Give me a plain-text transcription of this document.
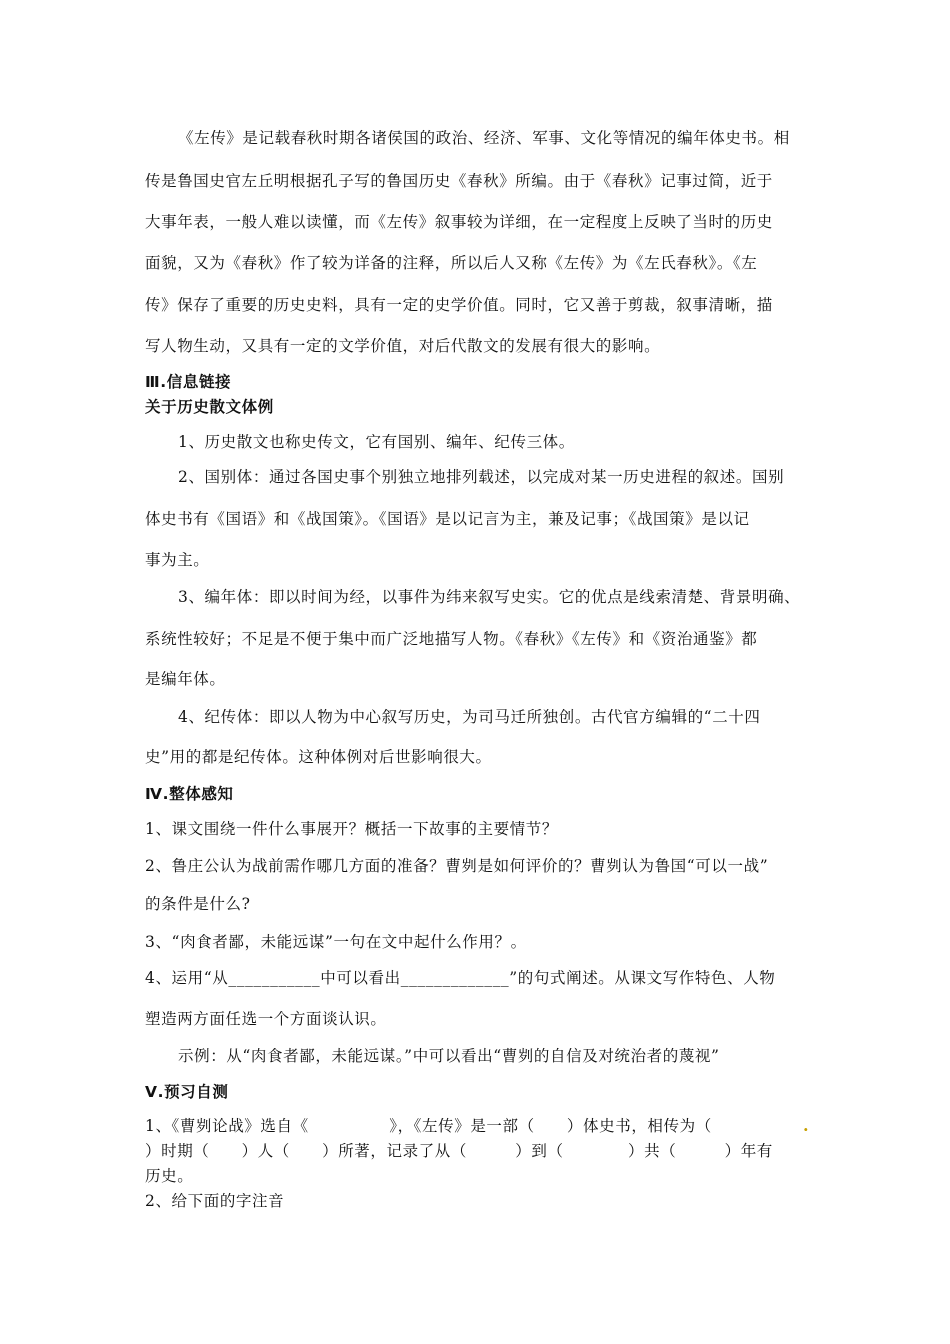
《左传》是记载春秋时期各诸侯国的政治、经济、军事、文化等情况的编年体史书。相
传是鲁国史官左丘明根据孔子写的鲁国历史《春秋》所编。由于《春秋》记事过简，近于
大事年表，一般人难以读懂，而《左传》叙事较为详细，在一定程度上反映了当时的历史
面貌，又为《春秋》作了较为详备的注释，所以后人又称《左传》为《左氏春秋》。《左
传》保存了重要的历史史料，具有一定的史学价值。同时，它又善于剪裁，叙事清晰，描
写人物生动，又具有一定的文学价值，对后代散文的发展有很大的影响。
Ⅲ.信息链接
关于历史散文体例
1、历史散文也称史传文，它有国别、编年、纪传三体。
2、国别体：通过各国史事个别独立地排列载述，以完成对某一历史进程的叙述。国别
体史书有《国语》和《战国策》。《国语》是以记言为主，兼及记事；《战国策》是以记
事为主。
3、编年体：即以时间为经，以事件为纬来叙写史实。它的优点是线索清楚、背景明确、
系统性较好；不足是不便于集中而广泛地描写人物。《春秋》《左传》和《资治通鉴》都
是编年体。
4、纪传体：即以人物为中心叙写历史，为司马迁所独创。古代官方编辑的“二十四
史”用的都是纪传体。这种体例对后世影响很大。
Ⅳ.整体感知
1、课文围绕一件什么事展开？概括一下故事的主要情节？
2、鲁庄公认为战前需作哪几方面的准备？曹刿是如何评价的？曹刿认为鲁国“可以一战”
的条件是什么?
3、“肉食者鄙，未能远谋”一句在文中起什么作用？。
4、运用“从___________中可以看出_____________”的句式阐述。从课文写作特色、人物
塑造两方面任选一个方面谈认识。
示例：从“肉食者鄙，未能远谋。”中可以看出“曹刿的自信及对统治者的蔑视”
Ⅴ.预习自测
1、《曹刿论战》选自《　　　　　》，《左传》是一部（　　）体史书，相传为（
）时期（　　）人（　　）所著，记录了从（　　　）到（　　　　）共（　　　）年有
历史。
2、给下面的字注音
.
